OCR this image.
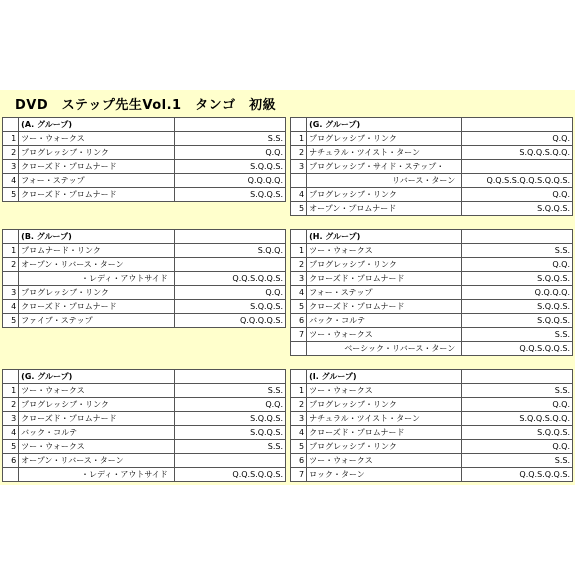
DVD　ステップ先生Vol.1　タンゴ　初級
	(A. グループ)	
1	ツー・ウォークス	S.S.
2	プログレッシブ・リンク	Q.Q.
3	クローズド・プロムナード	S.Q.Q.S.
4	フォー・ステップ	Q.Q.Q.Q.
5	クローズド・プロムナード	S.Q.Q.S.
	(B. グループ)	
1	プロムナード・リンク	S.Q.Q.
2	オープン・リバース・ターン	
	・レディ・アウトサイド	Q.Q.S.Q.Q.S.
3	プログレッシブ・リンク	Q.Q.
4	クローズド・プロムナード	S.Q.Q.S.
5	ファイブ・ステップ	Q.Q.Q.Q.S.
	(G. グループ)	
1	ツー・ウォークス	S.S.
2	プログレッシブ・リンク	Q.Q.
3	クローズド・プロムナード	S.Q.Q.S.
4	バック・コルテ	S.Q.Q.S.
5	ツー・ウォークス	S.S.
6	オープン・リバース・ターン	
	・レディ・アウトサイド	Q.Q.S.Q.Q.S.
	(G. グループ)	
1	プログレッシブ・リンク	Q.Q.
2	ナチュラル・ツイスト・ターン	S.Q.Q.S.Q.Q.
3	プログレッシブ・サイド・ステップ・	
	リバース・ターン	Q.Q.S.S.Q.Q.S.Q.Q.S.
4	プログレッシブ・リンク	Q.Q.
5	オープン・プロムナード	S.Q.Q.S.
	(H. グループ)	
1	ツー・ウォークス	S.S.
2	プログレッシブ・リンク	Q.Q.
3	クローズド・プロムナード	S.Q.Q.S.
4	フォー・ステップ	Q.Q.Q.Q.
5	クローズド・プロムナード	S.Q.Q.S.
6	バック・コルテ	S.Q.Q.S.
7	ツー・ウォークス	S.S.
	ベーシック・リバース・ターン	Q.Q.S.Q.Q.S.
	(I. グループ)	
1	ツー・ウォークス	S.S.
2	プログレッシブ・リンク	Q.Q.
3	ナチュラル・ツイスト・ターン	S.Q.Q.S.Q.Q.
4	クローズド・プロムナード	S.Q.Q.S.
5	プログレッシブ・リンク	Q.Q.
6	ツー・ウォークス	S.S.
7	ロック・ターン	Q.Q.S.Q.Q.S.
